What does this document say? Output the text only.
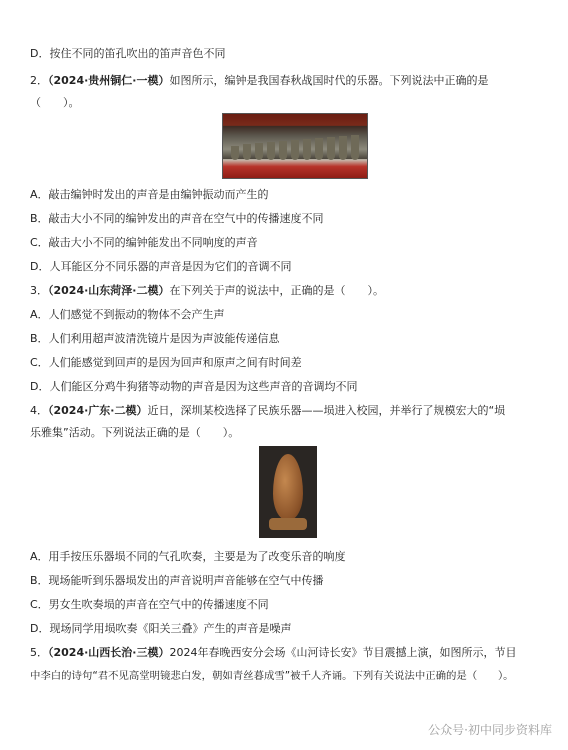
D．按住不同的笛孔吹出的笛声音色不同
2．（2024·贵州铜仁·一模）如图所示，编钟是我国春秋战国时代的乐器。下列说法中正确的是
（　　）。
A．敲击编钟时发出的声音是由编钟振动而产生的
B．敲击大小不同的编钟发出的声音在空气中的传播速度不同
C．敲击大小不同的编钟能发出不同响度的声音
D．人耳能区分不同乐器的声音是因为它们的音调不同
3．（2024·山东菏泽·二模）在下列关于声的说法中，正确的是（　　）。
A．人们感觉不到振动的物体不会产生声
B．人们利用超声波清洗镜片是因为声波能传递信息
C．人们能感觉到回声的是因为回声和原声之间有时间差
D．人们能区分鸡牛狗猪等动物的声音是因为这些声音的音调均不同
4．（2024·广东·二模）近日，深圳某校选择了民族乐器——埙进入校园，并举行了规模宏大的“埙
乐雅集”活动。下列说法正确的是（　　）。
A．用手按压乐器埙不同的气孔吹奏，主要是为了改变乐音的响度
B．现场能听到乐器埙发出的声音说明声音能够在空气中传播
C．男女生吹奏埙的声音在空气中的传播速度不同
D．现场同学用埙吹奏《阳关三叠》产生的声音是噪声
5．（2024·山西长治·三模）2024年春晚西安分会场《山河诗长安》节目震撼上演，如图所示，节目
中李白的诗句“君不见高堂明镜悲白发，朝如青丝暮成雪”被千人齐诵。下列有关说法中正确的是（　　）。
公众号·初中同步资料库
